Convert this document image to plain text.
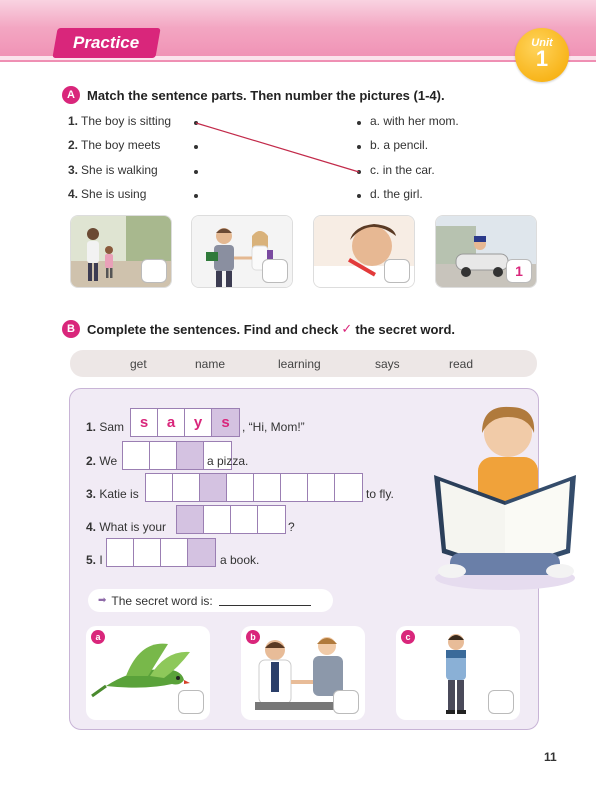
Practice	Unit
1
A Match the sentence parts. Then number the pictures (1-4).
1. The boy is sitting
2. The boy meets
3. She is walking
4. She is using
a. with her mom.
b. a pencil.
c. in the car.
d. the girl.
1
B Complete the sentences. Find and check ✓ the secret word.
get	name	learning	says	read
1. Sam	s	a	y	s	, “Hi, Mom!”
2. We	a pizza.
3. Katie is	to fly.
4. What is your	?
5. I	a book.
➡ The secret word is:
a	b	c
11
